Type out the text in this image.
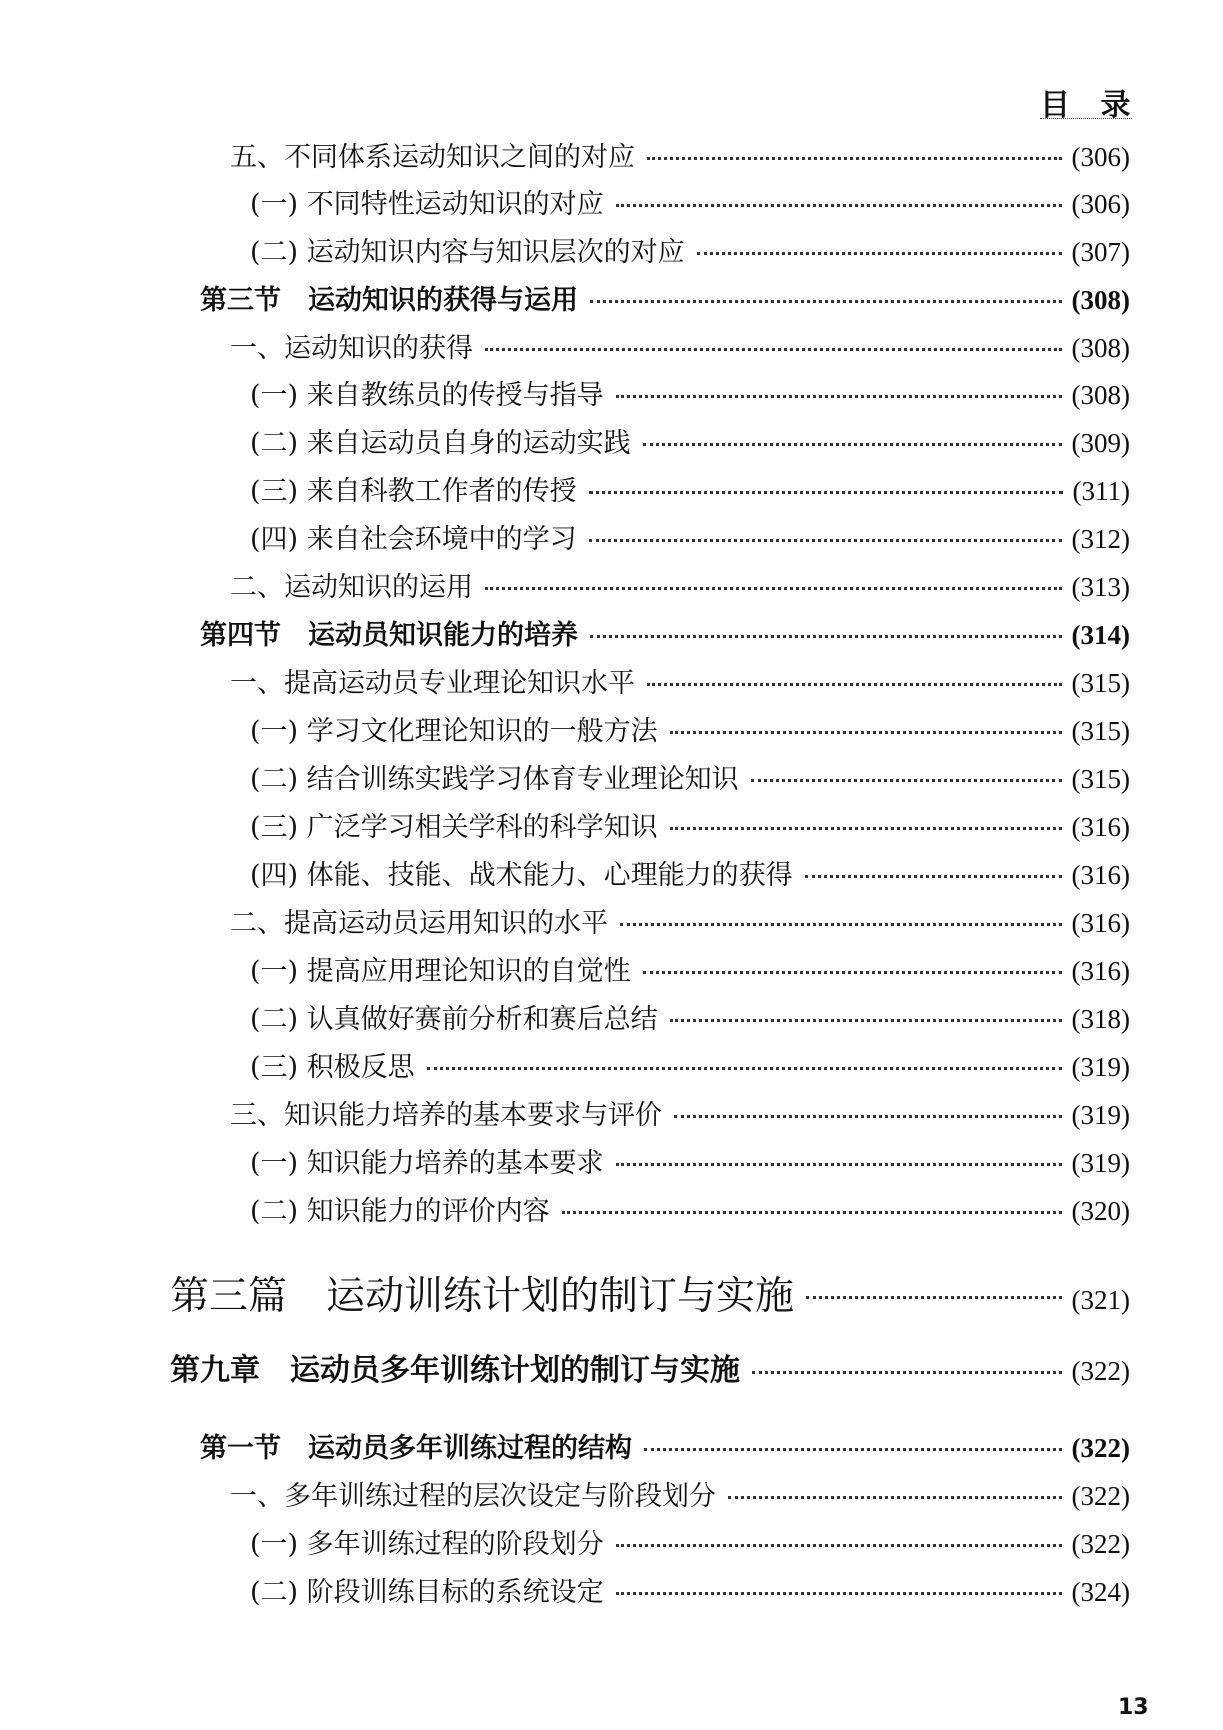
目 录
五、不同体系运动知识之间的对应	(306)
(一) 不同特性运动知识的对应	(306)
(二) 运动知识内容与知识层次的对应	(307)
第三节　运动知识的获得与运用	(308)
一、运动知识的获得	(308)
(一) 来自教练员的传授与指导	(308)
(二) 来自运动员自身的运动实践	(309)
(三) 来自科教工作者的传授	(311)
(四) 来自社会环境中的学习	(312)
二、运动知识的运用	(313)
第四节　运动员知识能力的培养	(314)
一、提高运动员专业理论知识水平	(315)
(一) 学习文化理论知识的一般方法	(315)
(二) 结合训练实践学习体育专业理论知识	(315)
(三) 广泛学习相关学科的科学知识	(316)
(四) 体能、技能、战术能力、心理能力的获得	(316)
二、提高运动员运用知识的水平	(316)
(一) 提高应用理论知识的自觉性	(316)
(二) 认真做好赛前分析和赛后总结	(318)
(三) 积极反思	(319)
三、知识能力培养的基本要求与评价	(319)
(一) 知识能力培养的基本要求	(319)
(二) 知识能力的评价内容	(320)
第三篇　运动训练计划的制订与实施	(321)
第九章　运动员多年训练计划的制订与实施	(322)
第一节　运动员多年训练过程的结构	(322)
一、多年训练过程的层次设定与阶段划分	(322)
(一) 多年训练过程的阶段划分	(322)
(二) 阶段训练目标的系统设定	(324)
13
